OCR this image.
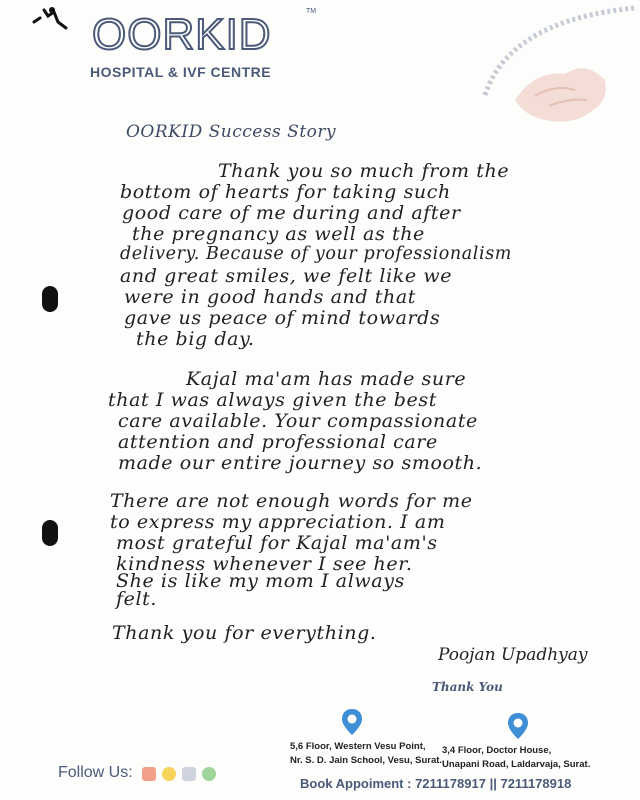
OORKID	TM
HOSPITAL & IVF CENTRE
OORKID Success Story
Thank you so much from the
bottom of hearts for taking such
good care of me during and after
the pregnancy as well as the
delivery. Because of your professionalism
and great smiles, we felt like we
were in good hands and that
gave us peace of mind towards
the big day.
Kajal ma'am has made sure
that I was always given the best
care available. Your compassionate
attention and professional care
made our entire journey so smooth.
There are not enough words for me
to express my appreciation. I am
most grateful for Kajal ma'am's
kindness whenever I see her.
She is like my mom I always
felt.
Thank you for everything.
Poojan Upadhyay
Thank You
5,6 Floor, Western Vesu Point,
Nr. S. D. Jain School, Vesu, Surat.
3,4 Floor, Doctor House,
Unapani Road, Laldarvaja, Surat.
Follow Us:
Book Appoiment : 7211178917 || 7211178918
